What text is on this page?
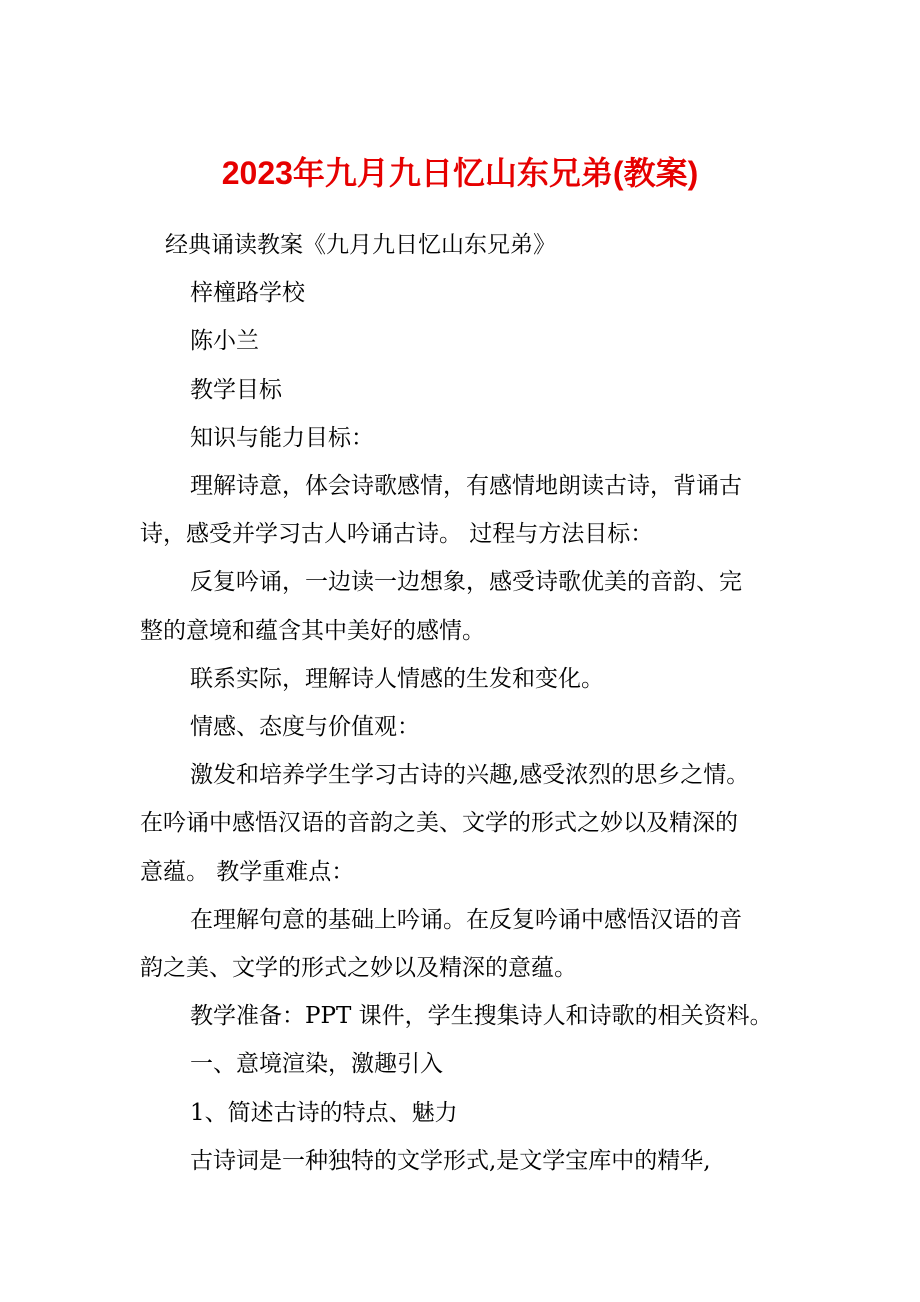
2023年九月九日忆山东兄弟(教案)
经典诵读教案《九月九日忆山东兄弟》
梓橦路学校
陈小兰
教学目标
知识与能力目标：
理解诗意，体会诗歌感情，有感情地朗读古诗，背诵古
诗，感受并学习古人吟诵古诗。 过程与方法目标：
反复吟诵，一边读一边想象，感受诗歌优美的音韵、完
整的意境和蕴含其中美好的感情。
联系实际，理解诗人情感的生发和变化。
情感、态度与价值观：
激发和培养学生学习古诗的兴趣,感受浓烈的思乡之情。
在吟诵中感悟汉语的音韵之美、文学的形式之妙以及精深的
意蕴。 教学重难点：
在理解句意的基础上吟诵。在反复吟诵中感悟汉语的音
韵之美、文学的形式之妙以及精深的意蕴。
教学准备：PPT 课件，学生搜集诗人和诗歌的相关资料。
一、意境渲染，激趣引入
1、简述古诗的特点、魅力
古诗词是一种独特的文学形式,是文学宝库中的精华,
